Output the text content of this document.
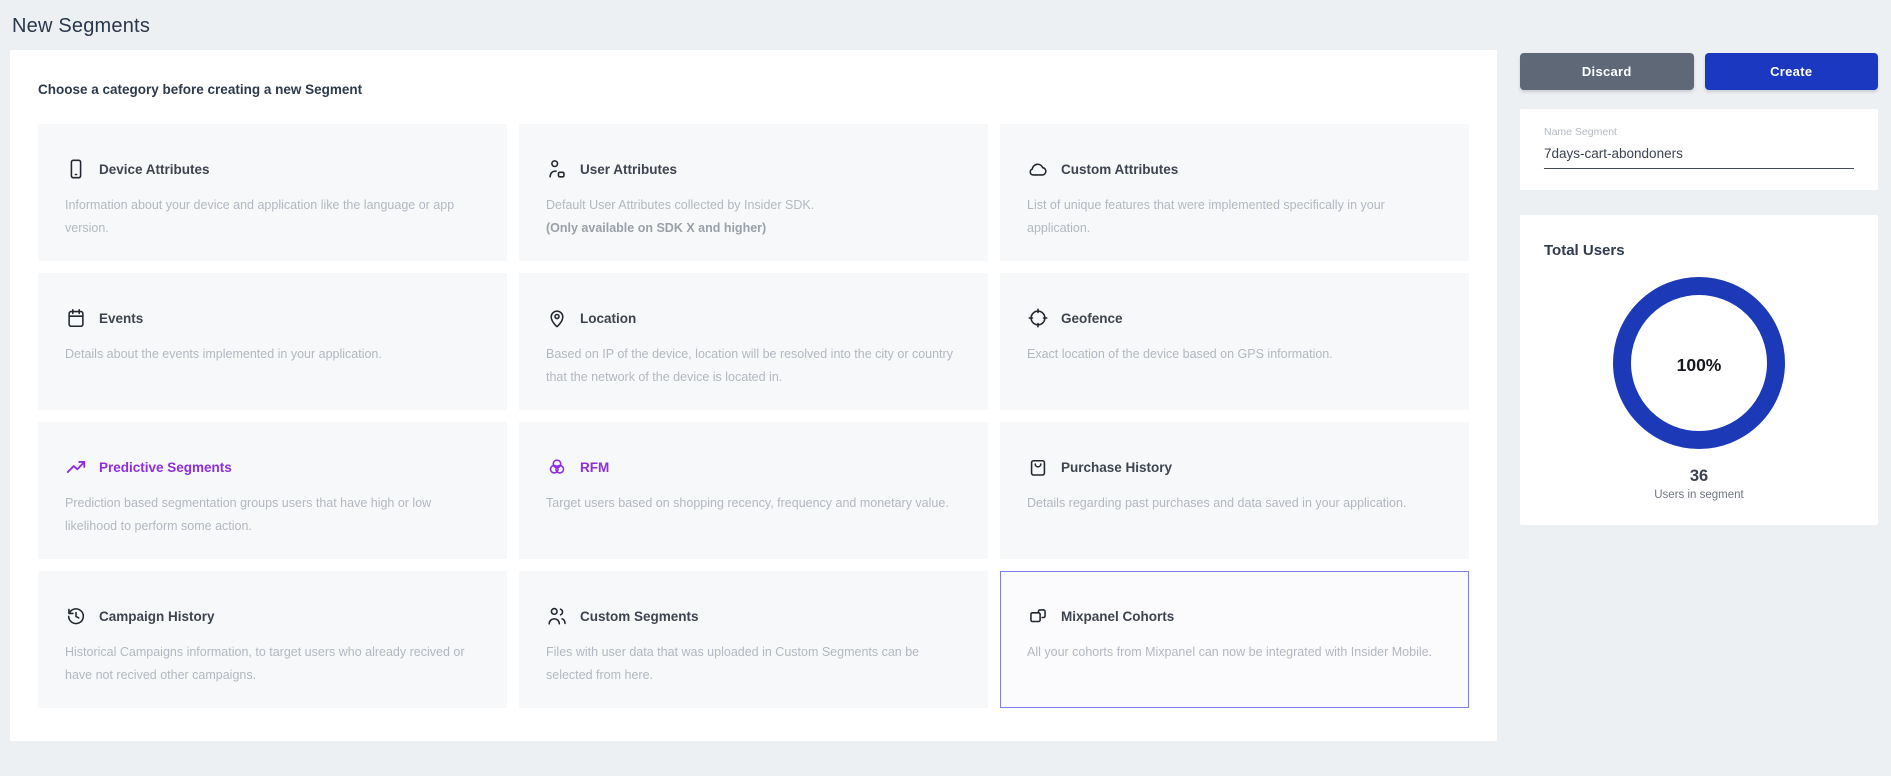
New Segments
Choose a category before creating a new Segment
Device Attributes
Information about your device and application like the language or app version.
User Attributes
Default User Attributes collected by Insider SDK.
(Only available on SDK X and higher)
Custom Attributes
List of unique features that were implemented specifically in your application.
Events
Details about the events implemented in your application.
Location
Based on IP of the device, location will be resolved into the city or country that the network of the device is located in.
Geofence
Exact location of the device based on GPS information.
Predictive Segments
Prediction based segmentation groups users that have high or low likelihood to perform some action.
RFM
Target users based on shopping recency, frequency and monetary value.
Purchase History
Details regarding past purchases and data saved in your application.
Campaign History
Historical Campaigns information, to target users who already recived or have not recived other campaigns.
Custom Segments
Files with user data that was uploaded in Custom Segments can be selected from here.
Mixpanel Cohorts
All your cohorts from Mixpanel can now be integrated with Insider Mobile.
Discard	Create
Name Segment
7days-cart-abondoners
Total Users
100%
36
Users in segment
